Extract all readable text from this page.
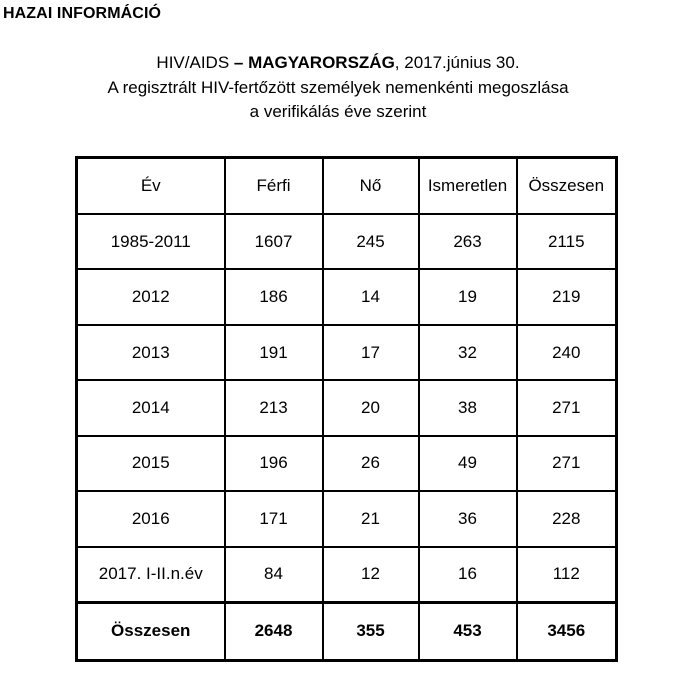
HAZAI INFORMÁCIÓ
HIV/AIDS – MAGYARORSZÁG, 2017.június 30.
A regisztrált HIV-fertőzött személyek nemenkénti megoszlása
a verifikálás éve szerint
Év	Férfi	Nő	Ismeretlen	Összesen
1985-2011	1607	245	263	2115
2012	186	14	19	219
2013	191	17	32	240
2014	213	20	38	271
2015	196	26	49	271
2016	171	21	36	228
2017. I-II.n.év	84	12	16	112
Összesen	2648	355	453	3456
